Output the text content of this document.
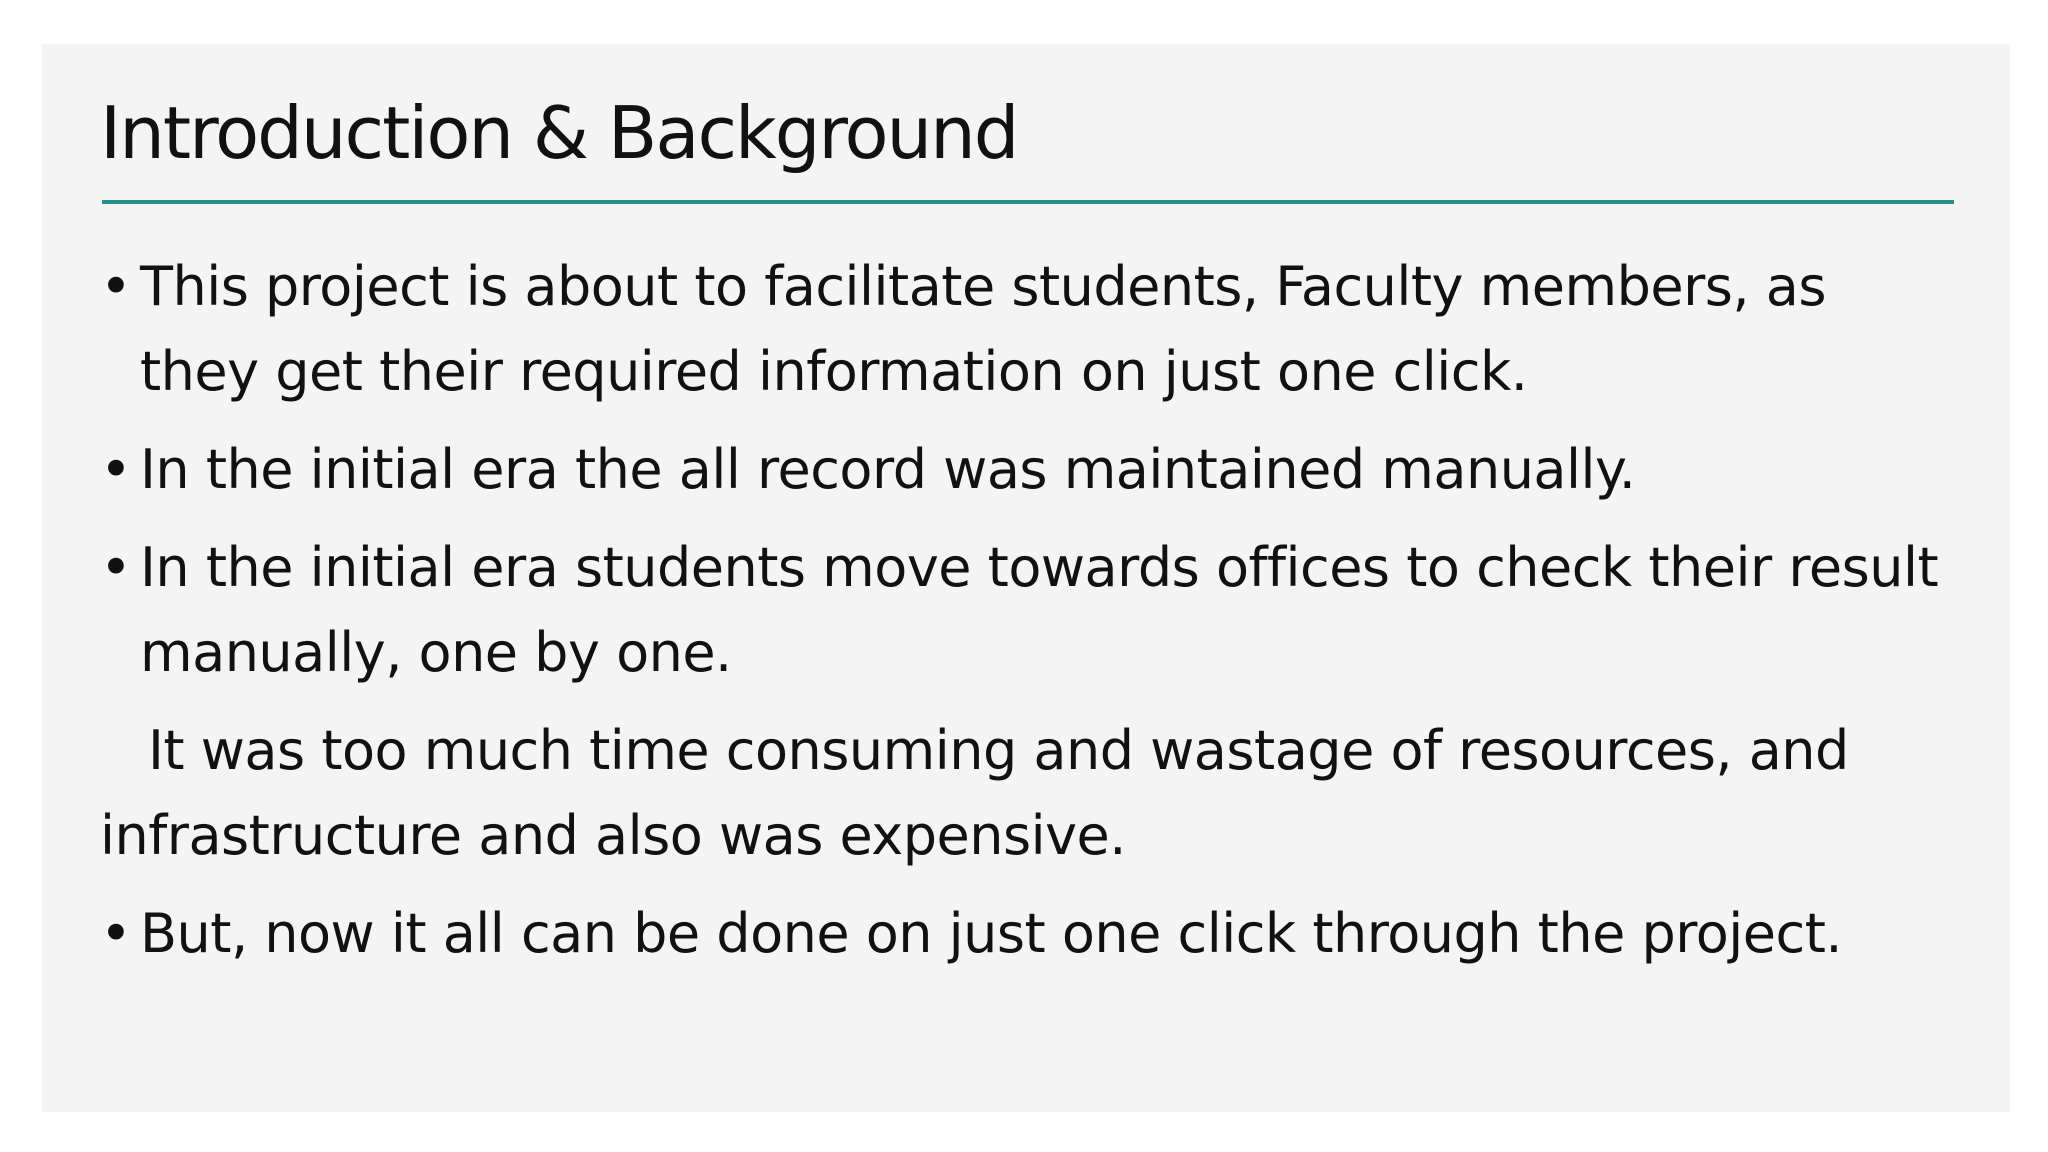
Introduction & Background
• This project is about to facilitate students, Faculty members, as they get their required information on just one click.
• In the initial era the all record was maintained manually.
• In the initial era students move towards offices to check their result manually, one by one.
It was too much time consuming and wastage of resources, and infrastructure and also was expensive.
• But, now it all can be done on just one click through the project.
